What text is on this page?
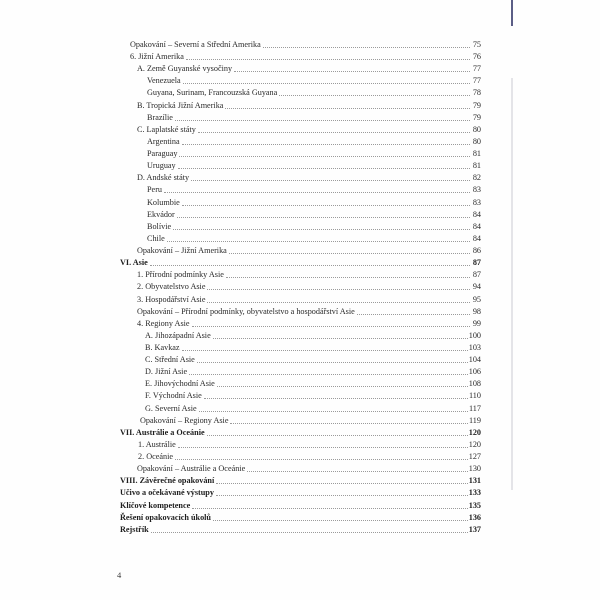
Opakování – Severní a Střední Amerika	75
6. Jižní Amerika	76
A. Země Guyanské vysočiny	77
Venezuela	77
Guyana, Surinam, Francouzská Guyana	78
B. Tropická Jižní Amerika	79
Brazílie	79
C. Laplatské státy	80
Argentina	80
Paraguay	81
Uruguay	81
D. Andské státy	82
Peru	83
Kolumbie	83
Ekvádor	84
Bolívie	84
Chile	84
Opakování – Jižní Amerika	86
VI. Asie	87
1. Přírodní podmínky Asie	87
2. Obyvatelstvo Asie	94
3. Hospodářství Asie	95
Opakování – Přírodní podmínky, obyvatelstvo a hospodářství Asie	98
4. Regiony Asie	99
A. Jihozápadní Asie	100
B. Kavkaz	103
C. Střední Asie	104
D. Jižní Asie	106
E. Jihovýchodní Asie	108
F. Východní Asie	110
G. Severní Asie	117
Opakování – Regiony Asie	119
VII. Austrálie a Oceánie	120
1. Austrálie	120
2. Oceánie	127
Opakování – Austrálie a Oceánie	130
VIII. Závěrečné opakování	131
Učivo a očekávané výstupy	133
Klíčové kompetence	135
Řešení opakovacích úkolů	136
Rejstřík	137
4
